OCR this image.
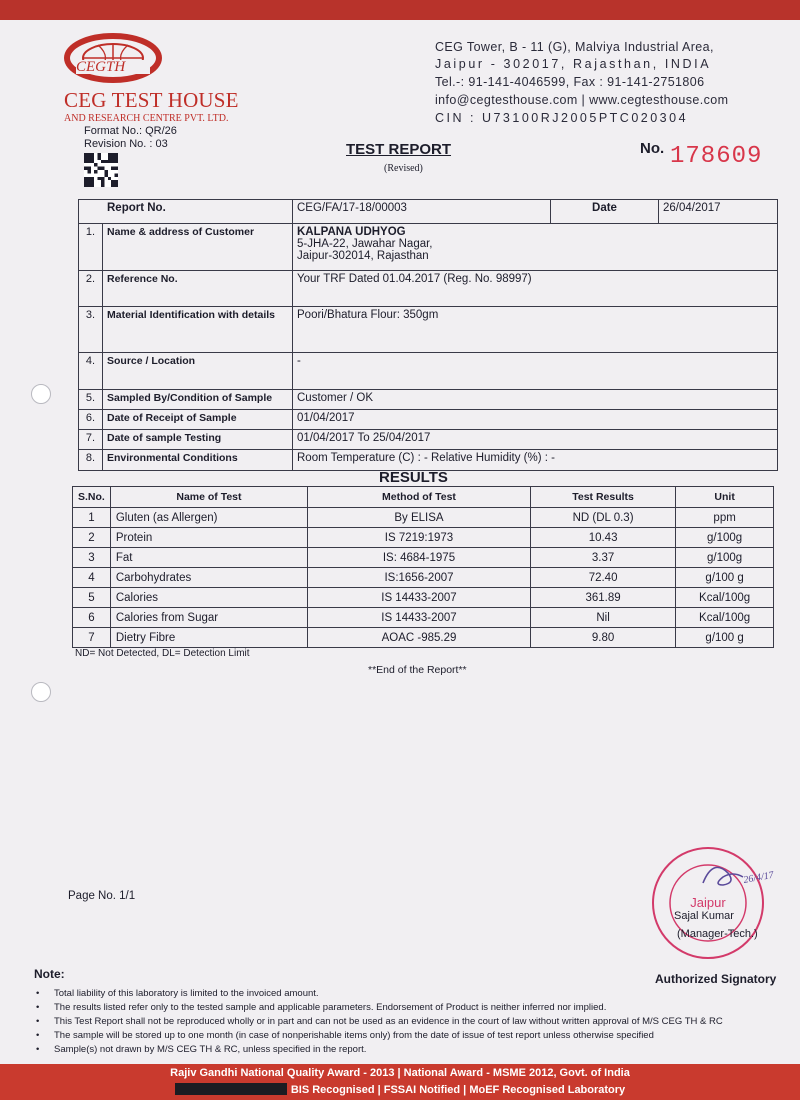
CEGTH
CEG TEST HOUSE
AND RESEARCH CENTRE PVT. LTD.
Format No.: QR/26
Revision No. : 03
CEG Tower, B - 11 (G), Malviya Industrial Area,
Jaipur - 302017, Rajasthan, INDIA
Tel.-: 91-141-4046599, Fax : 91-141-2751806
info@cegtesthouse.com | www.cegtesthouse.com
CIN : U73100RJ2005PTC020304
TEST REPORT
(Revised)
No. 178609
Report No.		CEG/FA/17-18/00003	Date	26/04/2017
1.	Name & address of Customer	KALPANA UDHYOG
5-JHA-22, Jawahar Nagar,
Jaipur-302014, Rajasthan		

2.	Reference No.	Your TRF Dated 01.04.2017 (Reg. No. 98997)		
3.	Material Identification with details	Poori/Bhatura Flour: 350gm		
4.	Source / Location	-		
5.	Sampled By/Condition of Sample	Customer / OK		
6.	Date of Receipt of Sample	01/04/2017		
7.	Date of sample Testing	01/04/2017 To 25/04/2017		
8.	Environmental Conditions	Room Temperature (C) : - Relative Humidity (%) : -		
RESULTS
S.No.	Name of Test	Method of Test	Test Results	Unit
1	Gluten (as Allergen)	By ELISA	ND (DL 0.3)	ppm
2	Protein	IS 7219:1973	10.43	g/100g
3	Fat	IS: 4684-1975	3.37	g/100g
4	Carbohydrates	IS:1656-2007	72.40	g/100 g
5	Calories	IS 14433-2007	361.89	Kcal/100g
6	Calories from Sugar	IS 14433-2007	Nil	Kcal/100g
7	Dietry Fibre	AOAC -985.29	9.80	g/100 g
ND= Not Detected, DL= Detection Limit
**End of the Report**
Page No. 1/1	Jaipur
26/4/17
Sajal Kumar
(Manager-Tech.)
Authorized Signatory
Note:
• Total liability of this laboratory is limited to the invoiced amount.
• The results listed refer only to the tested sample and applicable parameters. Endorsement of Product is neither inferred nor implied.
• This Test Report shall not be reproduced wholly or in part and can not be used as an evidence in the court of law without written approval of M/S CEG TH & RC
• The sample will be stored up to one month (in case of nonperishable items only) from the date of issue of test report unless otherwise specified
• Sample(s) not drawn by M/S CEG TH & RC, unless specified in the report.
Rajiv Gandhi National Quality Award - 2013 | National Award - MSME 2012, Govt. of India
BIS Recognised | FSSAI Notified | MoEF Recognised Laboratory
